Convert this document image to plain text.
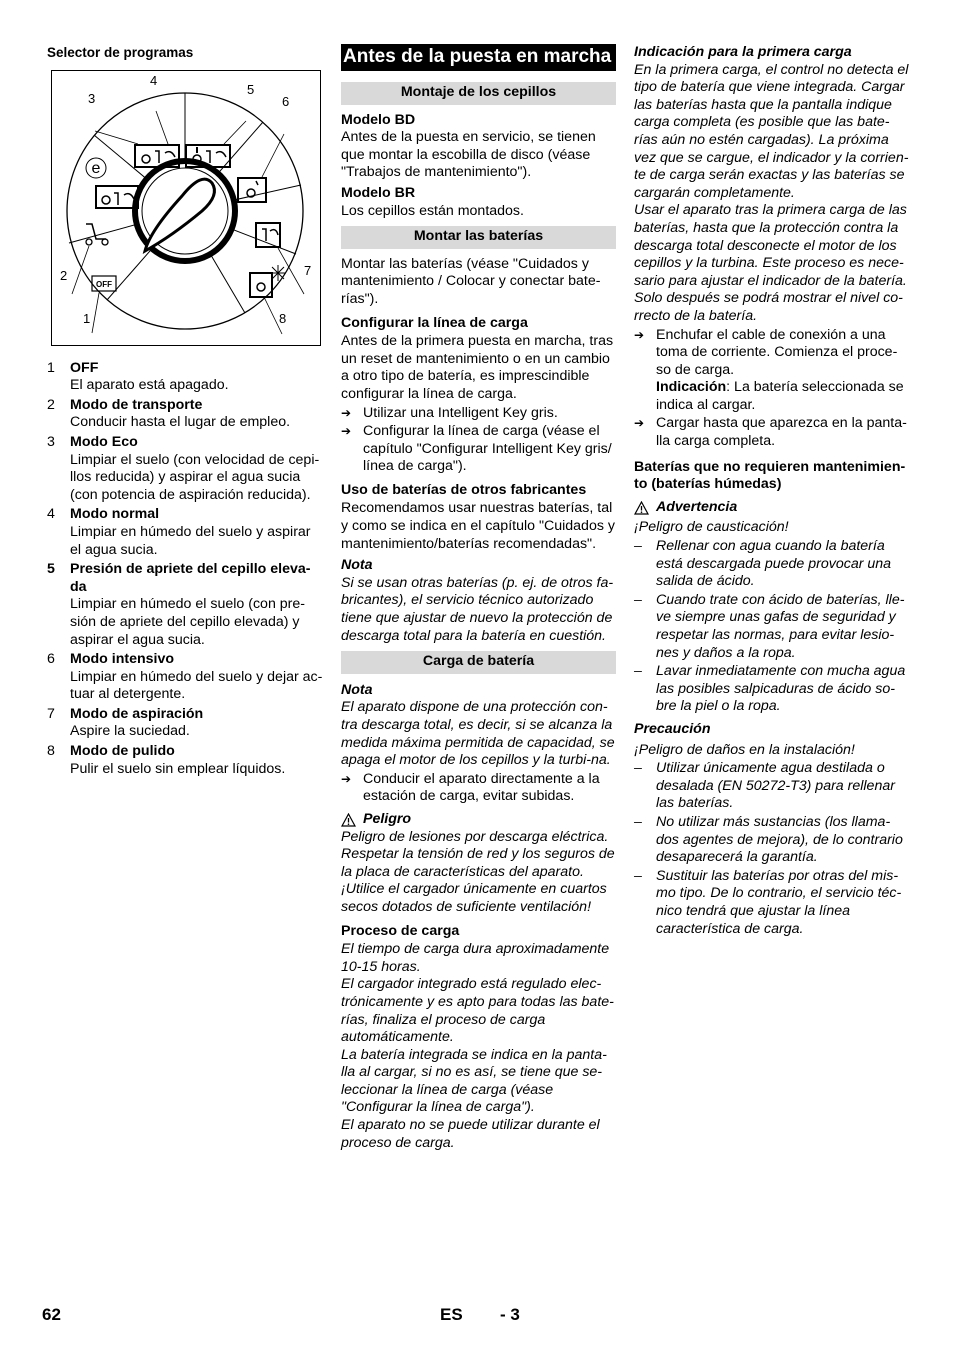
Selector de programas

OFF
e
1
2
3
4
5
6
7
8
1	OFF

El aparato está apagado.

2	Modo de transporte

Conducir hasta el lugar de empleo.

3	Modo Eco

Limpiar el suelo (con velocidad de cepi-llos reducida) y aspirar el agua sucia (con potencia de aspiración reducida).

4	Modo normal

Limpiar en húmedo del suelo y aspirar el agua sucia.

5	Presión de apriete del cepillo eleva-da

Limpiar en húmedo el suelo (con pre-sión de apriete del cepillo elevada) y aspirar el agua sucia.

6	Modo intensivo

Limpiar en húmedo del suelo y dejar ac-tuar al detergente.

7	Modo de aspiración

Aspire la suciedad.

8	Modo de pulido

Pulir el suelo sin emplear líquidos.

Antes de la puesta en marcha
Montaje de los cepillos

Modelo BD

Antes de la puesta en servicio, se tienen que montar la escobilla de disco (véase "Trabajos de mantenimiento").

Modelo BR

Los cepillos están montados.

Montar las baterías

Montar las baterías (véase "Cuidados y mantenimiento / Colocar y conectar bate-rías").

Configurar la línea de carga

Antes de la primera puesta en marcha, tras un reset de mantenimiento o en un cambio a otro tipo de batería, es imprescindible configurar la línea de carga.

➔ Utilizar una Intelligent Key gris.
➔ Configurar la línea de carga (véase el capítulo "Configurar Intelligent Key gris/ línea de carga").

Uso de baterías de otros fabricantes

Recomendamos usar nuestras baterías, tal y como se indica en el capítulo "Cuidados y mantenimiento/baterías recomendadas".

Nota

Si se usan otras baterías (p. ej. de otros fa-bricantes), el servicio técnico autorizado tiene que ajustar de nuevo la protección de descarga total para la batería en cuestión.

Carga de batería

Nota

El aparato dispone de una protección con-tra descarga total, es decir, si se alcanza la medida máxima permitida de capacidad, se apaga el motor de los cepillos y la turbi-na.

➔ Conducir el aparato directamente a la estación de carga, evitar subidas.
Peligro

Peligro de lesiones por descarga eléctrica. Respetar la tensión de red y los seguros de la placa de características del aparato. ¡Utilice el cargador únicamente en cuartos secos dotados de suficiente ventilación!

Proceso de carga

El tiempo de carga dura aproximadamente 10-15 horas.

El cargador integrado está regulado elec-trónicamente y es apto para todas las bate-rías, finaliza el proceso de carga automáticamente.

La batería integrada se indica en la panta-lla al cargar, si no es así, se tiene que se-leccionar la línea de carga (véase "Configurar la línea de carga").

El aparato no se puede utilizar durante el proceso de carga.

Indicación para la primera carga

En la primera carga, el control no detecta el tipo de batería que viene integrada. Cargar las baterías hasta que la pantalla indique carga completa (es posible que las bate-rías aún no estén cargadas). La próxima vez que se cargue, el indicador y la corrien-te de carga serán exactas y las baterías se cargarán completamente.

Usar el aparato tras la primera carga de las baterías, hasta que la protección contra la descarga total desconecte el motor de los cepillos y la turbina. Este proceso es nece-sario para ajustar el indicador de la batería. Solo después se podrá mostrar el nivel co-rrecto de la batería.

➔ Enchufar el cable de conexión a una toma de corriente. Comienza el proce-so de carga.

Indicación: La batería seleccionada se indica al cargar.

➔ Cargar hasta que aparezca en la panta-lla carga completa.

Baterías que no requieren mantenimien-to (baterías húmedas)

Advertencia

¡Peligro de causticación!

– Rellenar con agua cuando la batería está descargada puede provocar una salida de ácido.
– Cuando trate con ácido de baterías, lle-ve siempre unas gafas de seguridad y respetar las normas, para evitar lesio-nes y daños a la ropa.
– Lavar inmediatamente con mucha agua las posibles salpicaduras de ácido so-bre la piel o la ropa.

Precaución

¡Peligro de daños en la instalación!

– Utilizar únicamente agua destilada o desalada (EN 50272-T3) para rellenar las baterías.
– No utilizar más sustancias (los llama-dos agentes de mejora), de lo contrario desaparecerá la garantía.
– Sustituir las baterías por otras del mis-mo tipo. De lo contrario, el servicio téc-nico tendrá que ajustar la línea característica de carga.
62	ES - 3
